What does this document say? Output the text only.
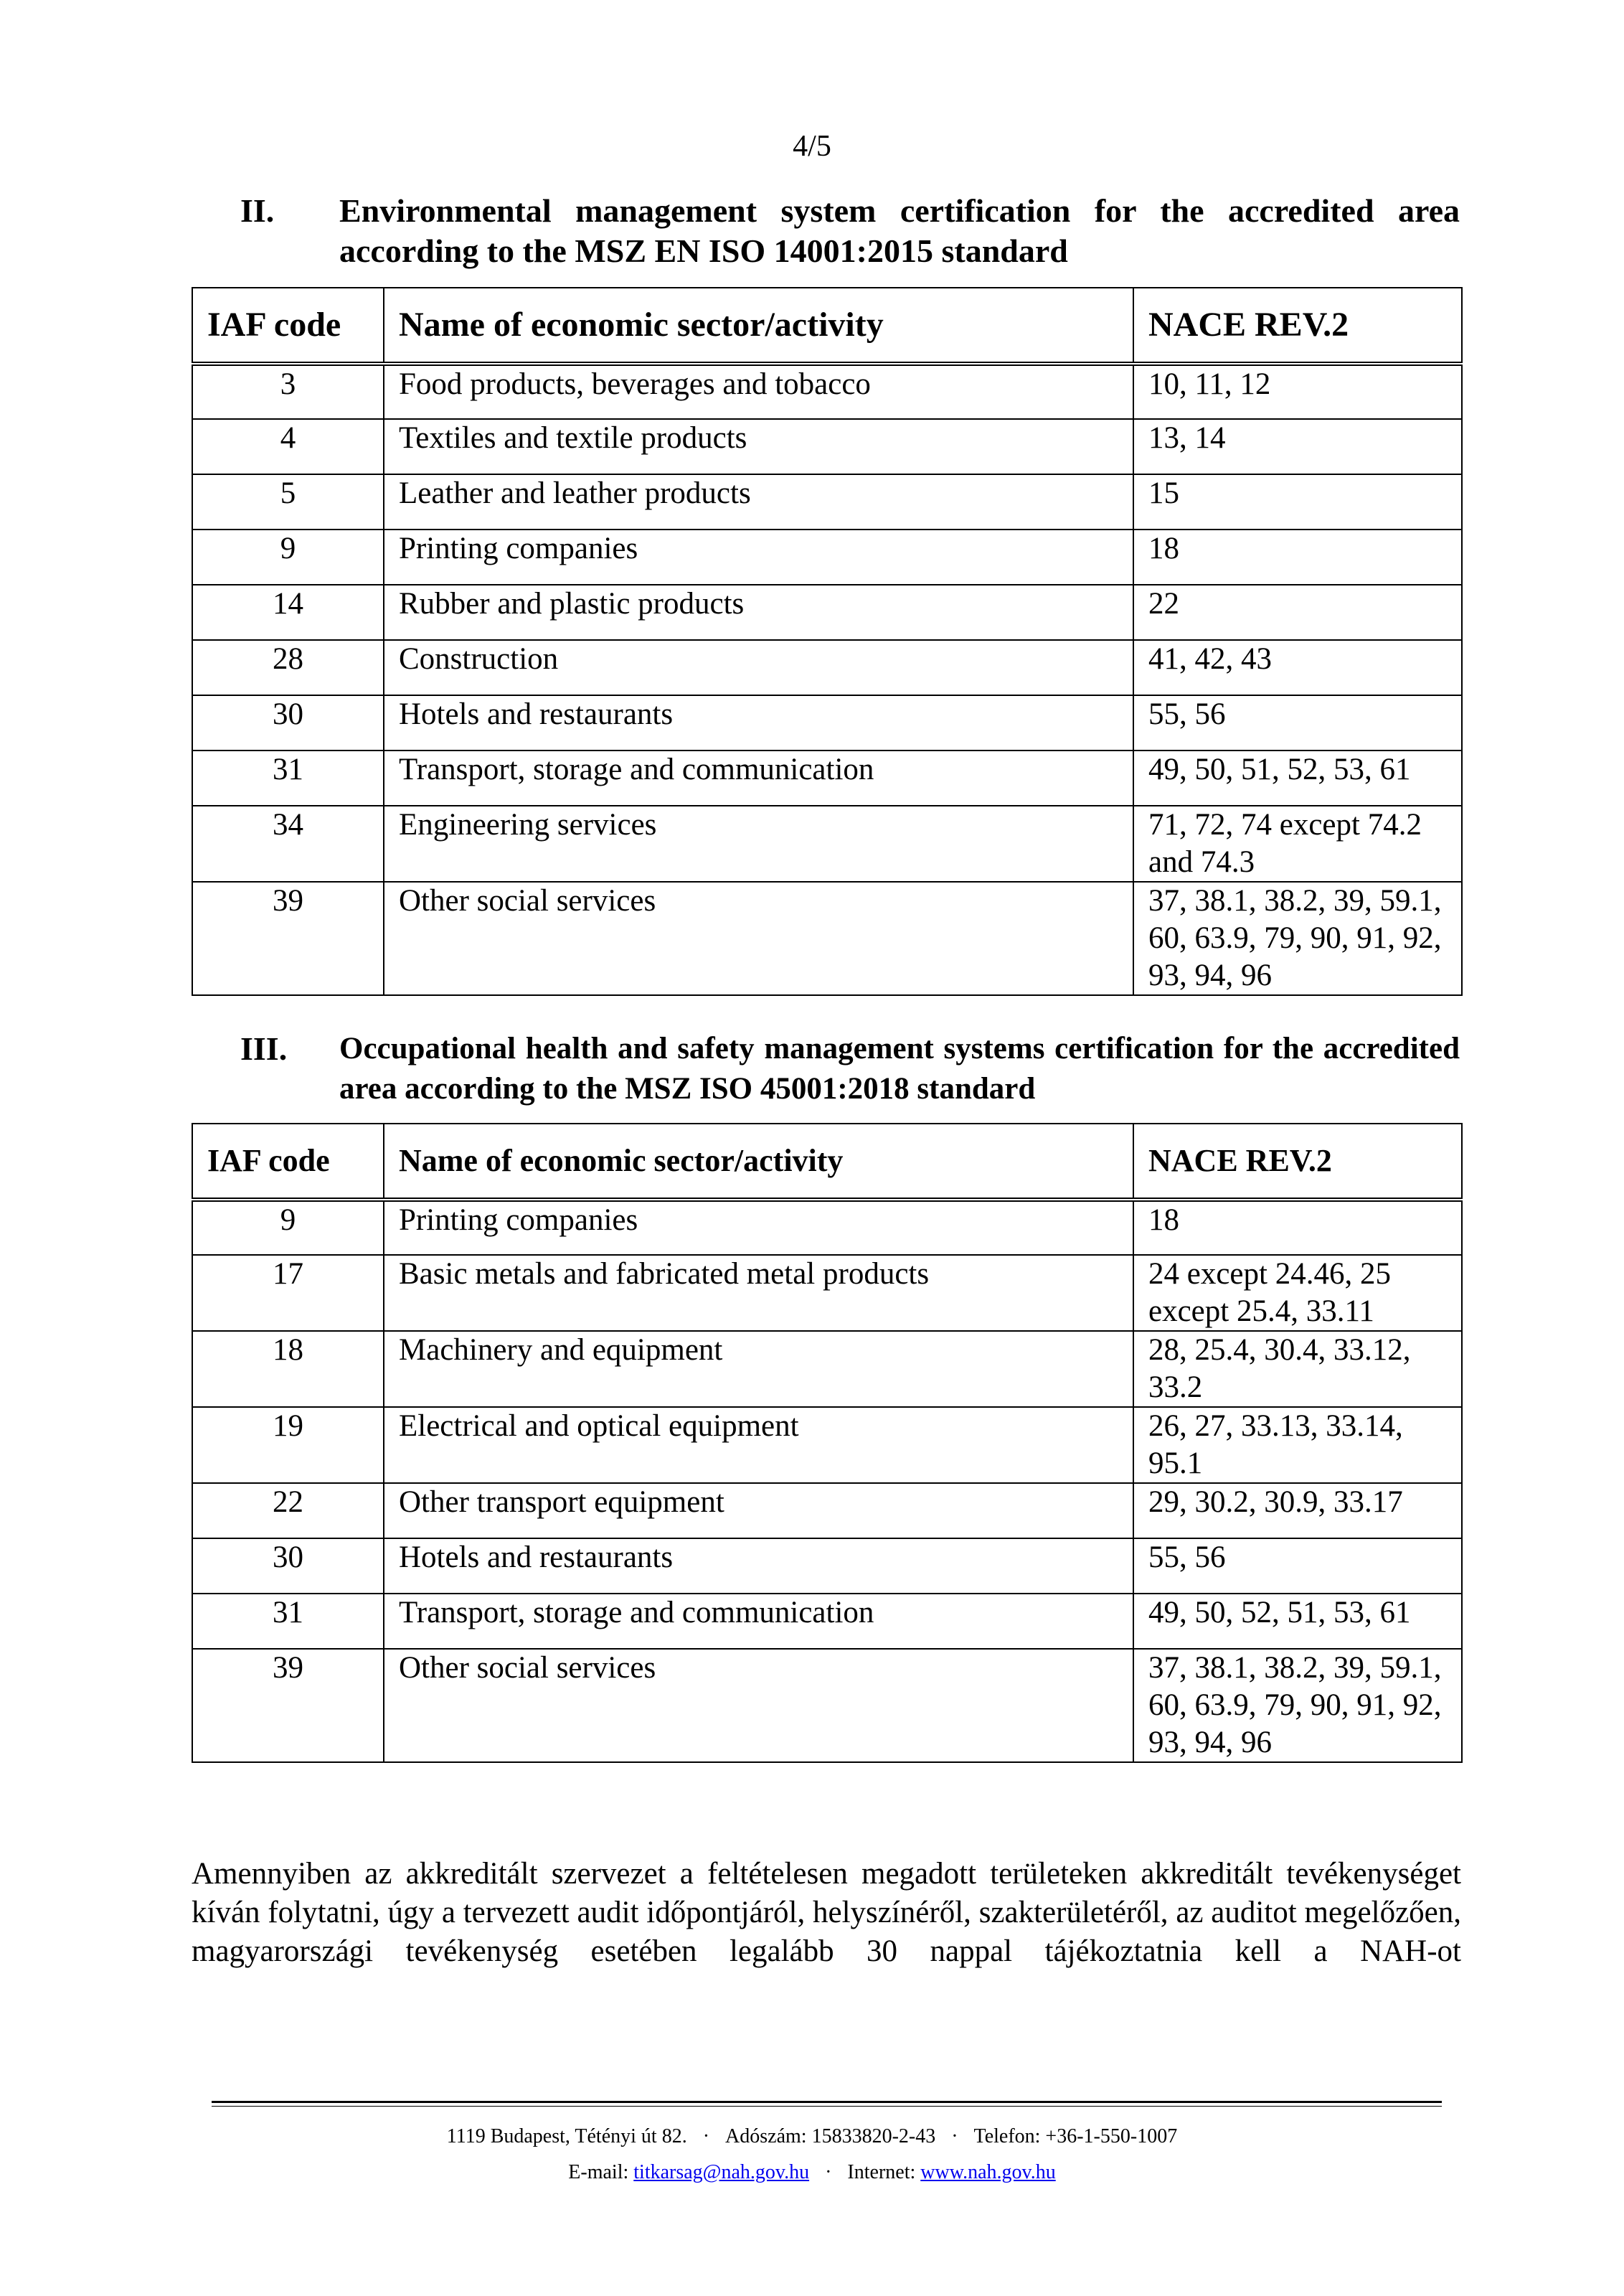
4/5
II. Environmental management system certification for the accredited area according to the MSZ EN ISO 14001:2015 standard
IAF code	Name of economic sector/activity	NACE REV.2
3	Food products, beverages and tobacco	10, 11, 12
4	Textiles and textile products	13, 14
5	Leather and leather products	15
9	Printing companies	18
14	Rubber and plastic products	22
28	Construction	41, 42, 43
30	Hotels and restaurants	55, 56
31	Transport, storage and communication	49, 50, 51, 52, 53, 61
34	Engineering services	71, 72, 74 except 74.2 and 74.3
39	Other social services	37, 38.1, 38.2, 39, 59.1, 60, 63.9, 79, 90, 91, 92, 93, 94, 96
III. Occupational health and safety management systems certification for the accredited area according to the MSZ ISO 45001:2018 standard
IAF code	Name of economic sector/activity	NACE REV.2
9	Printing companies	18
17	Basic metals and fabricated metal products	24 except 24.46, 25 except 25.4, 33.11
18	Machinery and equipment	28, 25.4, 30.4, 33.12, 33.2
19	Electrical and optical equipment	26, 27, 33.13, 33.14, 95.1
22	Other transport equipment	29, 30.2, 30.9, 33.17
30	Hotels and restaurants	55, 56
31	Transport, storage and communication	49, 50, 52, 51, 53, 61
39	Other social services	37, 38.1, 38.2, 39, 59.1, 60, 63.9, 79, 90, 91, 92, 93, 94, 96
Amennyiben az akkreditált szervezet a feltételesen megadott területeken akkreditált tevékenységet kíván folytatni, úgy a tervezett audit időpontjáról, helyszínéről, szakterületéről, az auditot megelőzően, magyarországi tevékenység esetében legalább 30 nappal tájékoztatnia kell a NAH-ot
1119 Budapest, Tétényi út 82. · Adószám: 15833820-2-43 · Telefon: +36-1-550-1007
E-mail: titkarsag@nah.gov.hu · Internet: www.nah.gov.hu
